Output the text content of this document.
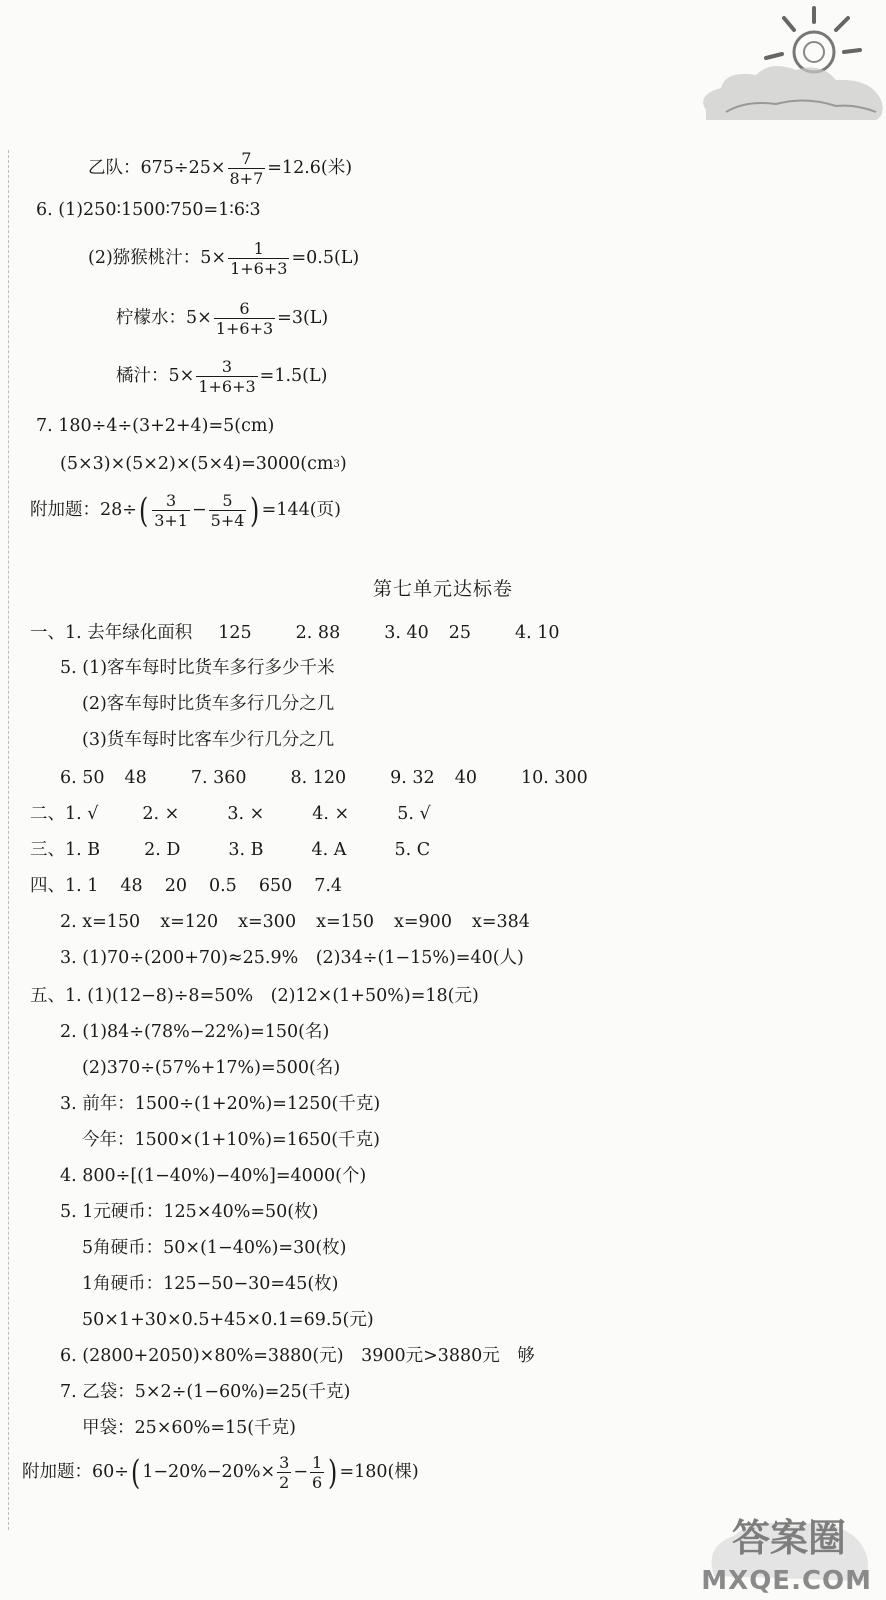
乙队：$675\div 25\times \frac{7}{8+7} =12.6$(米)
6. (1)250∶1500∶750=1∶6∶3
(2)猕猴桃汁：$5\times \frac{1}{1+6+3} =0.5(L)$
柠檬水：$5\times \frac{6}{1+6+3} =3(L)$
橘汁：$5\times \frac{3}{1+6+3} =1.5(L)$
7. 180÷4÷(3+2+4)=5(cm)
(5×3)×(5×2)×(5×4)=3000(cm 3 )
附加题：28÷ ( $\frac{3}{3+1} - \frac{5}{5+4}$ ) =144(页)
第七单元达标卷
一、1. 去年绿化面积 125	2. 88	3. 40 25	4. 10
5. (1)客车每时比货车多行多少千米
(2)客车每时比货车多行几分之几
(3)货车每时比客车少行几分之几
6. 50 48	7. 360	8. 120	9. 32 40	10. 300
二、1. √	2. ×	3. ×	4. ×	5. √
三、1. B	2. D	3. B	4. A	5. C
四、1. 1 48 20 0.5 650 7.4
2. x=150 x=120 x=300 x=150 x=900 x=384
3. (1)70÷(200+70)≈25.9%　(2)34÷(1−15%)=40(人)
五、1. (1)(12−8)÷8=50%　(2)12×(1+50%)=18(元)
2. (1)84÷(78%−22%)=150(名)
(2)370÷(57%+17%)=500(名)
3. 前年：1500÷(1+20%)=1250(千克)
今年：1500×(1+10%)=1650(千克)
4. 800÷[(1−40%)−40%]=4000(个)
5. 1元硬币：125×40%=50(枚)
5角硬币：50×(1−40%)=30(枚)
1角硬币：125−50−30=45(枚)
50×1+30×0.5+45×0.1=69.5(元)
6. (2800+2050)×80%=3880(元)　3900元>3880元　够
7. 乙袋：5×2÷(1−60%)=25(千克)
甲袋：25×60%=15(千克)
附加题：60÷ ( $1-20\%-20\%\times \frac{3}{2} - \frac{1}{6}$ ) =180(棵)
答案圈
MXQE.COM
